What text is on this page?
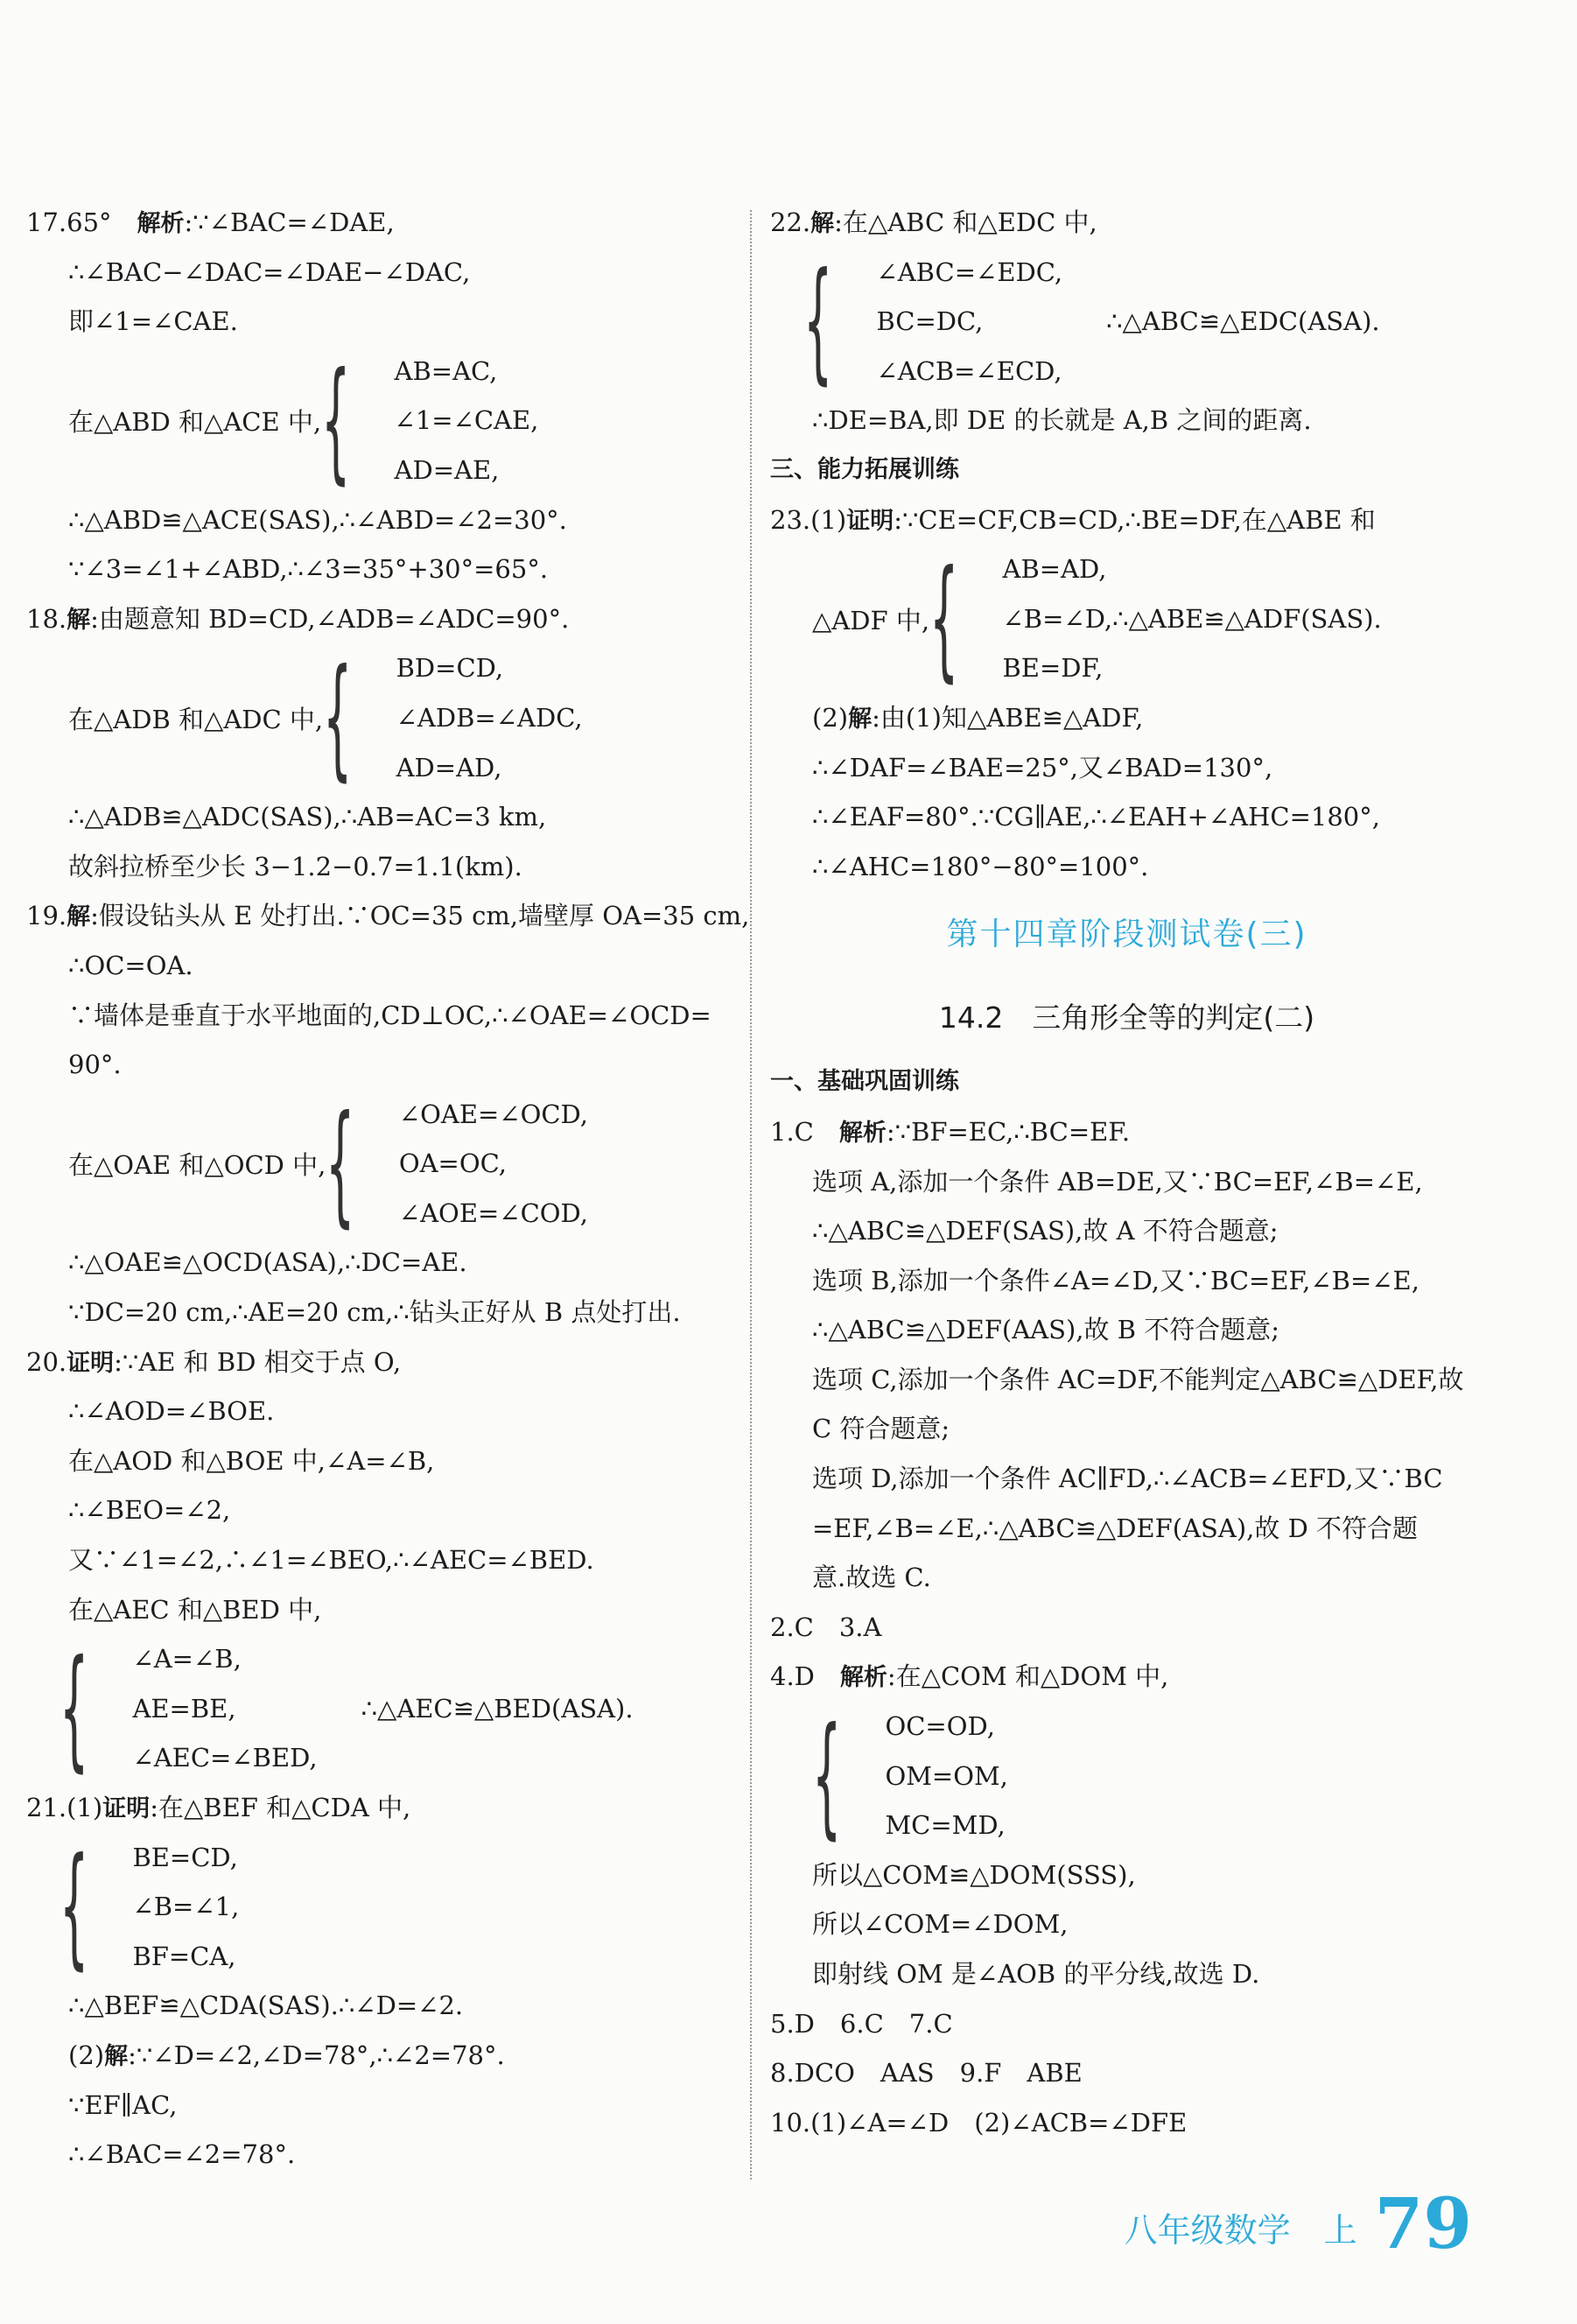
17.65°　解析:∵∠BAC=∠DAE,
∴∠BAC−∠DAC=∠DAE−∠DAC,
即∠1=∠CAE.
在△ABD 和△ACE 中, { AB=AC,
∠1=∠CAE,
AD=AE,
∴△ABD≌△ACE(SAS),∴∠ABD=∠2=30°.
∵∠3=∠1+∠ABD,∴∠3=35°+30°=65°.
18.解:由题意知 BD=CD,∠ADB=∠ADC=90°.
在△ADB 和△ADC 中, { BD=CD,
∠ADB=∠ADC,
AD=AD,
∴△ADB≌△ADC(SAS),∴AB=AC=3 km,
故斜拉桥至少长 3−1.2−0.7=1.1(km).
19.解:假设钻头从 E 处打出.∵OC=35 cm,墙壁厚 OA=35 cm,
∴OC=OA.
∵墙体是垂直于水平地面的,CD⊥OC,∴∠OAE=∠OCD=
90°.
在△OAE 和△OCD 中, { ∠OAE=∠OCD,
OA=OC,
∠AOE=∠COD,
∴△OAE≌△OCD(ASA),∴DC=AE.
∵DC=20 cm,∴AE=20 cm,∴钻头正好从 B 点处打出.
20.证明:∵AE 和 BD 相交于点 O,
∴∠AOD=∠BOE.
在△AOD 和△BOE 中,∠A=∠B,
∴∠BEO=∠2,
又∵∠1=∠2,∴∠1=∠BEO,∴∠AEC=∠BED.
在△AEC 和△BED 中,
{ ∠A=∠B,
AE=BE,
∠AEC=∠BED,
∴△AEC≌△BED(ASA).
21.(1)证明:在△BEF 和△CDA 中,
{ BE=CD,
∠B=∠1,
BF=CA,
∴△BEF≌△CDA(SAS).∴∠D=∠2.
(2)解:∵∠D=∠2,∠D=78°,∴∠2=78°.
∵EF∥AC,
∴∠BAC=∠2=78°.
22.解:在△ABC 和△EDC 中,
{ ∠ABC=∠EDC,
BC=DC,
∠ACB=∠ECD,
∴△ABC≌△EDC(ASA).
∴DE=BA,即 DE 的长就是 A,B 之间的距离.
三、能力拓展训练
23.(1)证明:∵CE=CF,CB=CD,∴BE=DF,在△ABE 和
△ADF 中, { AB=AD,
∠B=∠D,∴△ABE≌△ADF(SAS).
BE=DF,
(2)解:由(1)知△ABE≌△ADF,
∴∠DAF=∠BAE=25°,又∠BAD=130°,
∴∠EAF=80°.∵CG∥AE,∴∠EAH+∠AHC=180°,
∴∠AHC=180°−80°=100°.
第十四章阶段测试卷(三)
14.2　三角形全等的判定(二)
一、基础巩固训练
1.C　解析:∵BF=EC,∴BC=EF.
选项 A,添加一个条件 AB=DE,又∵BC=EF,∠B=∠E,
∴△ABC≌△DEF(SAS),故 A 不符合题意;
选项 B,添加一个条件∠A=∠D,又∵BC=EF,∠B=∠E,
∴△ABC≌△DEF(AAS),故 B 不符合题意;
选项 C,添加一个条件 AC=DF,不能判定△ABC≌△DEF,故
C 符合题意;
选项 D,添加一个条件 AC∥FD,∴∠ACB=∠EFD,又∵BC
=EF,∠B=∠E,∴△ABC≌△DEF(ASA),故 D 不符合题
意.故选 C.
2.C　3.A
4.D　解析:在△COM 和△DOM 中,
{ OC=OD,
OM=OM,
MC=MD,
所以△COM≌△DOM(SSS),
所以∠COM=∠DOM,
即射线 OM 是∠AOB 的平分线,故选 D.
5.D　6.C　7.C
8.DCO　AAS　9.F　ABE
10.(1)∠A=∠D　(2)∠ACB=∠DFE
八年级数学　上 79
